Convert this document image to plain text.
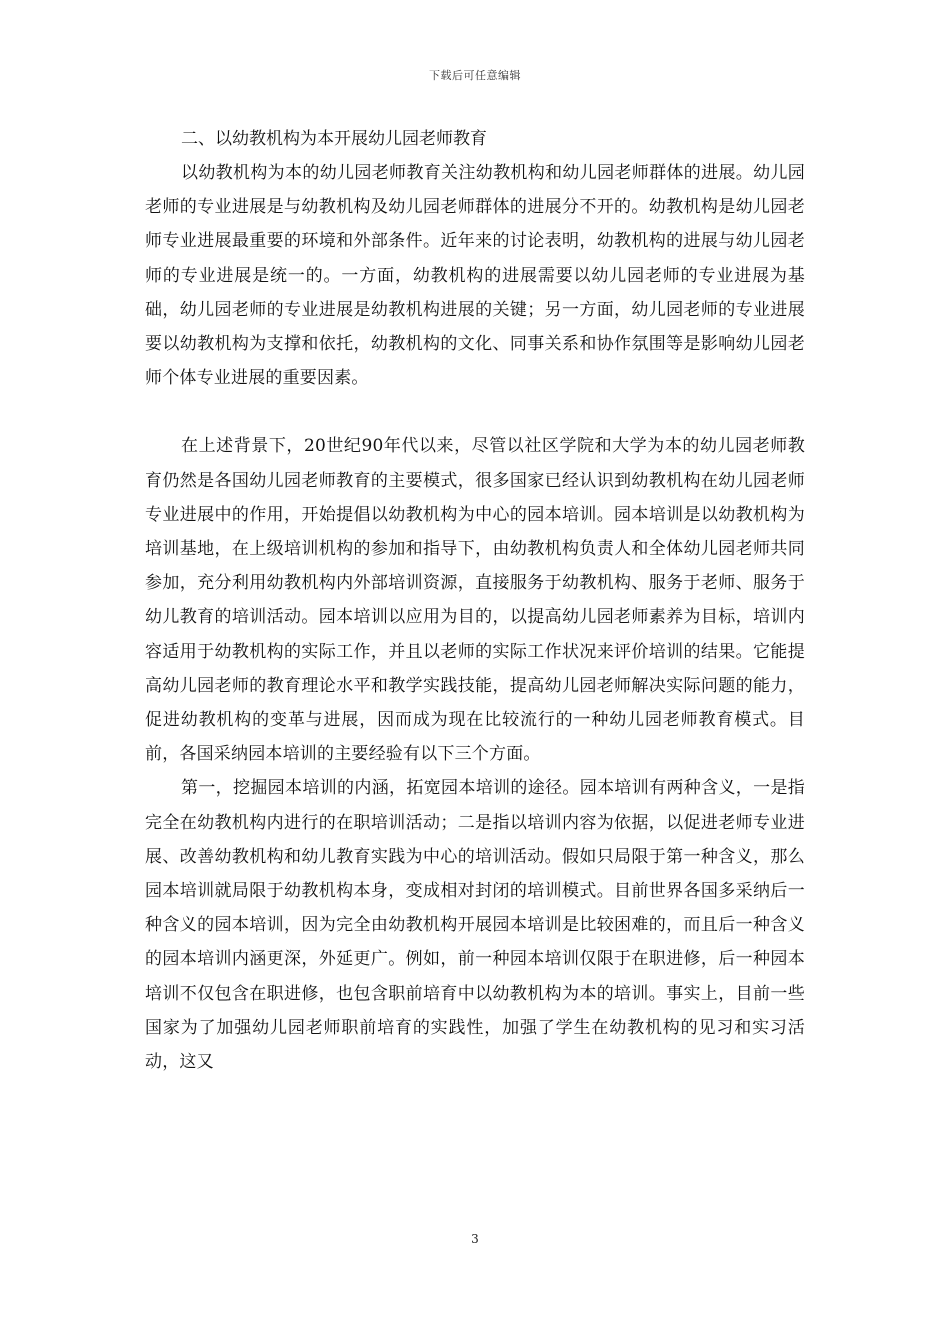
下载后可任意编辑

二、以幼教机构为本开展幼儿园老师教育

以幼教机构为本的幼儿园老师教育关注幼教机构和幼儿园老师群体的进展。幼儿园老师的专业进展是与幼教机构及幼儿园老师群体的进展分不开的。幼教机构是幼儿园老师专业进展最重要的环境和外部条件。近年来的讨论表明，幼教机构的进展与幼儿园老师的专业进展是统一的。一方面，幼教机构的进展需要以幼儿园老师的专业进展为基础，幼儿园老师的专业进展是幼教机构进展的关键；另一方面，幼儿园老师的专业进展要以幼教机构为支撑和依托，幼教机构的文化、同事关系和协作氛围等是影响幼儿园老师个体专业进展的重要因素。

在上述背景下，20世纪90年代以来，尽管以社区学院和大学为本的幼儿园老师教育仍然是各国幼儿园老师教育的主要模式，很多国家已经认识到幼教机构在幼儿园老师专业进展中的作用，开始提倡以幼教机构为中心的园本培训。园本培训是以幼教机构为培训基地，在上级培训机构的参加和指导下，由幼教机构负责人和全体幼儿园老师共同参加，充分利用幼教机构内外部培训资源，直接服务于幼教机构、服务于老师、服务于幼儿教育的培训活动。园本培训以应用为目的，以提高幼儿园老师素养为目标，培训内容适用于幼教机构的实际工作，并且以老师的实际工作状况来评价培训的结果。它能提高幼儿园老师的教育理论水平和教学实践技能，提高幼儿园老师解决实际问题的能力，促进幼教机构的变革与进展，因而成为现在比较流行的一种幼儿园老师教育模式。目前，各国采纳园本培训的主要经验有以下三个方面。

第一，挖掘园本培训的内涵，拓宽园本培训的途径。园本培训有两种含义，一是指完全在幼教机构内进行的在职培训活动；二是指以培训内容为依据，以促进老师专业进展、改善幼教机构和幼儿教育实践为中心的培训活动。假如只局限于第一种含义，那么园本培训就局限于幼教机构本身，变成相对封闭的培训模式。目前世界各国多采纳后一种含义的园本培训，因为完全由幼教机构开展园本培训是比较困难的，而且后一种含义的园本培训内涵更深，外延更广。例如，前一种园本培训仅限于在职进修，后一种园本培训不仅包含在职进修，也包含职前培育中以幼教机构为本的培训。事实上，目前一些国家为了加强幼儿园老师职前培育的实践性，加强了学生在幼教机构的见习和实习活动，这又

3
